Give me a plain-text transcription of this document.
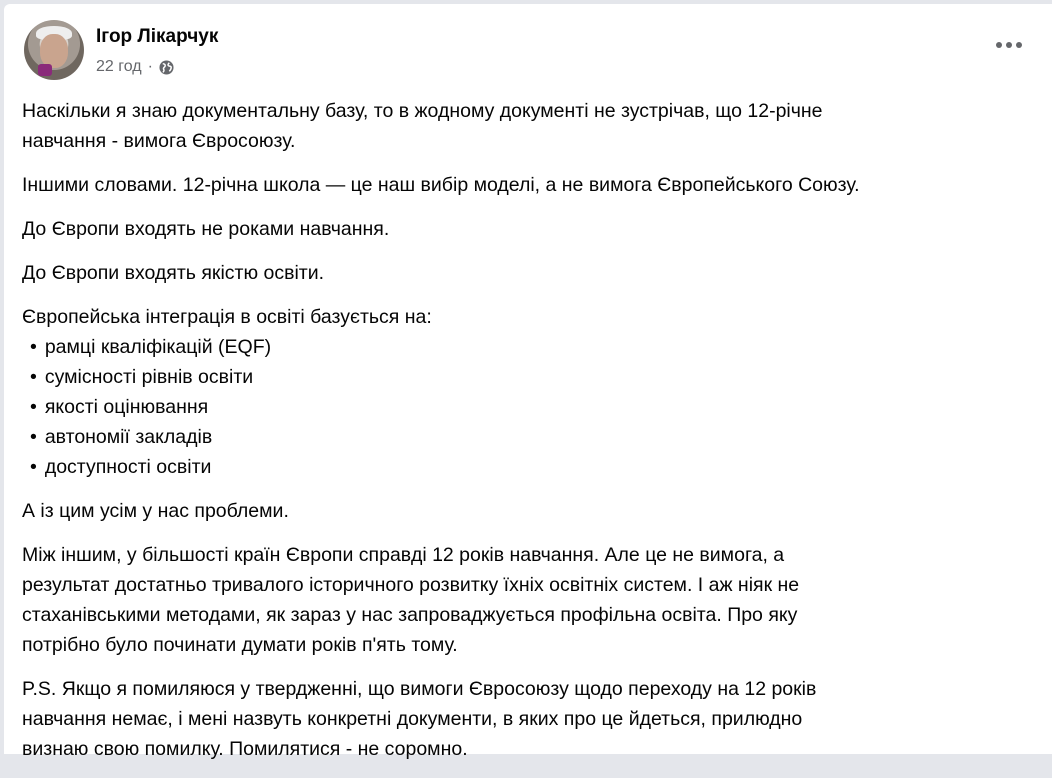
Ігор Лікарчук
22 год ·
Наскільки я знаю документальну базу, то в жодному документі не зустрічав, що 12-річне
навчання - вимога Євросоюзу.
Іншими словами. 12-річна школа — це наш вибір моделі, а не вимога Європейського Союзу.
До Європи входять не роками навчання.
До Європи входять якістю освіти.
Європейська інтеграція в освіті базується на:
• рамці кваліфікацій (EQF)
• сумісності рівнів освіти
• якості оцінювання
• автономії закладів
• доступності освіти
А із цим усім у нас проблеми.
Між іншим, у більшості країн Європи справді 12 років навчання. Але це не вимога, а
результат достатньо тривалого історичного розвитку їхніх освітніх систем. І аж ніяк не
стаханівськими методами, як зараз у нас запроваджується профільна освіта. Про яку
потрібно було починати думати років п'ять тому.
P.S. Якщо я помиляюся у твердженні, що вимоги Євросоюзу щодо переходу на 12 років
навчання немає, і мені назвуть конкретні документи, в яких про це йдеться, прилюдно
визнаю свою помилку. Помилятися - не соромно.
